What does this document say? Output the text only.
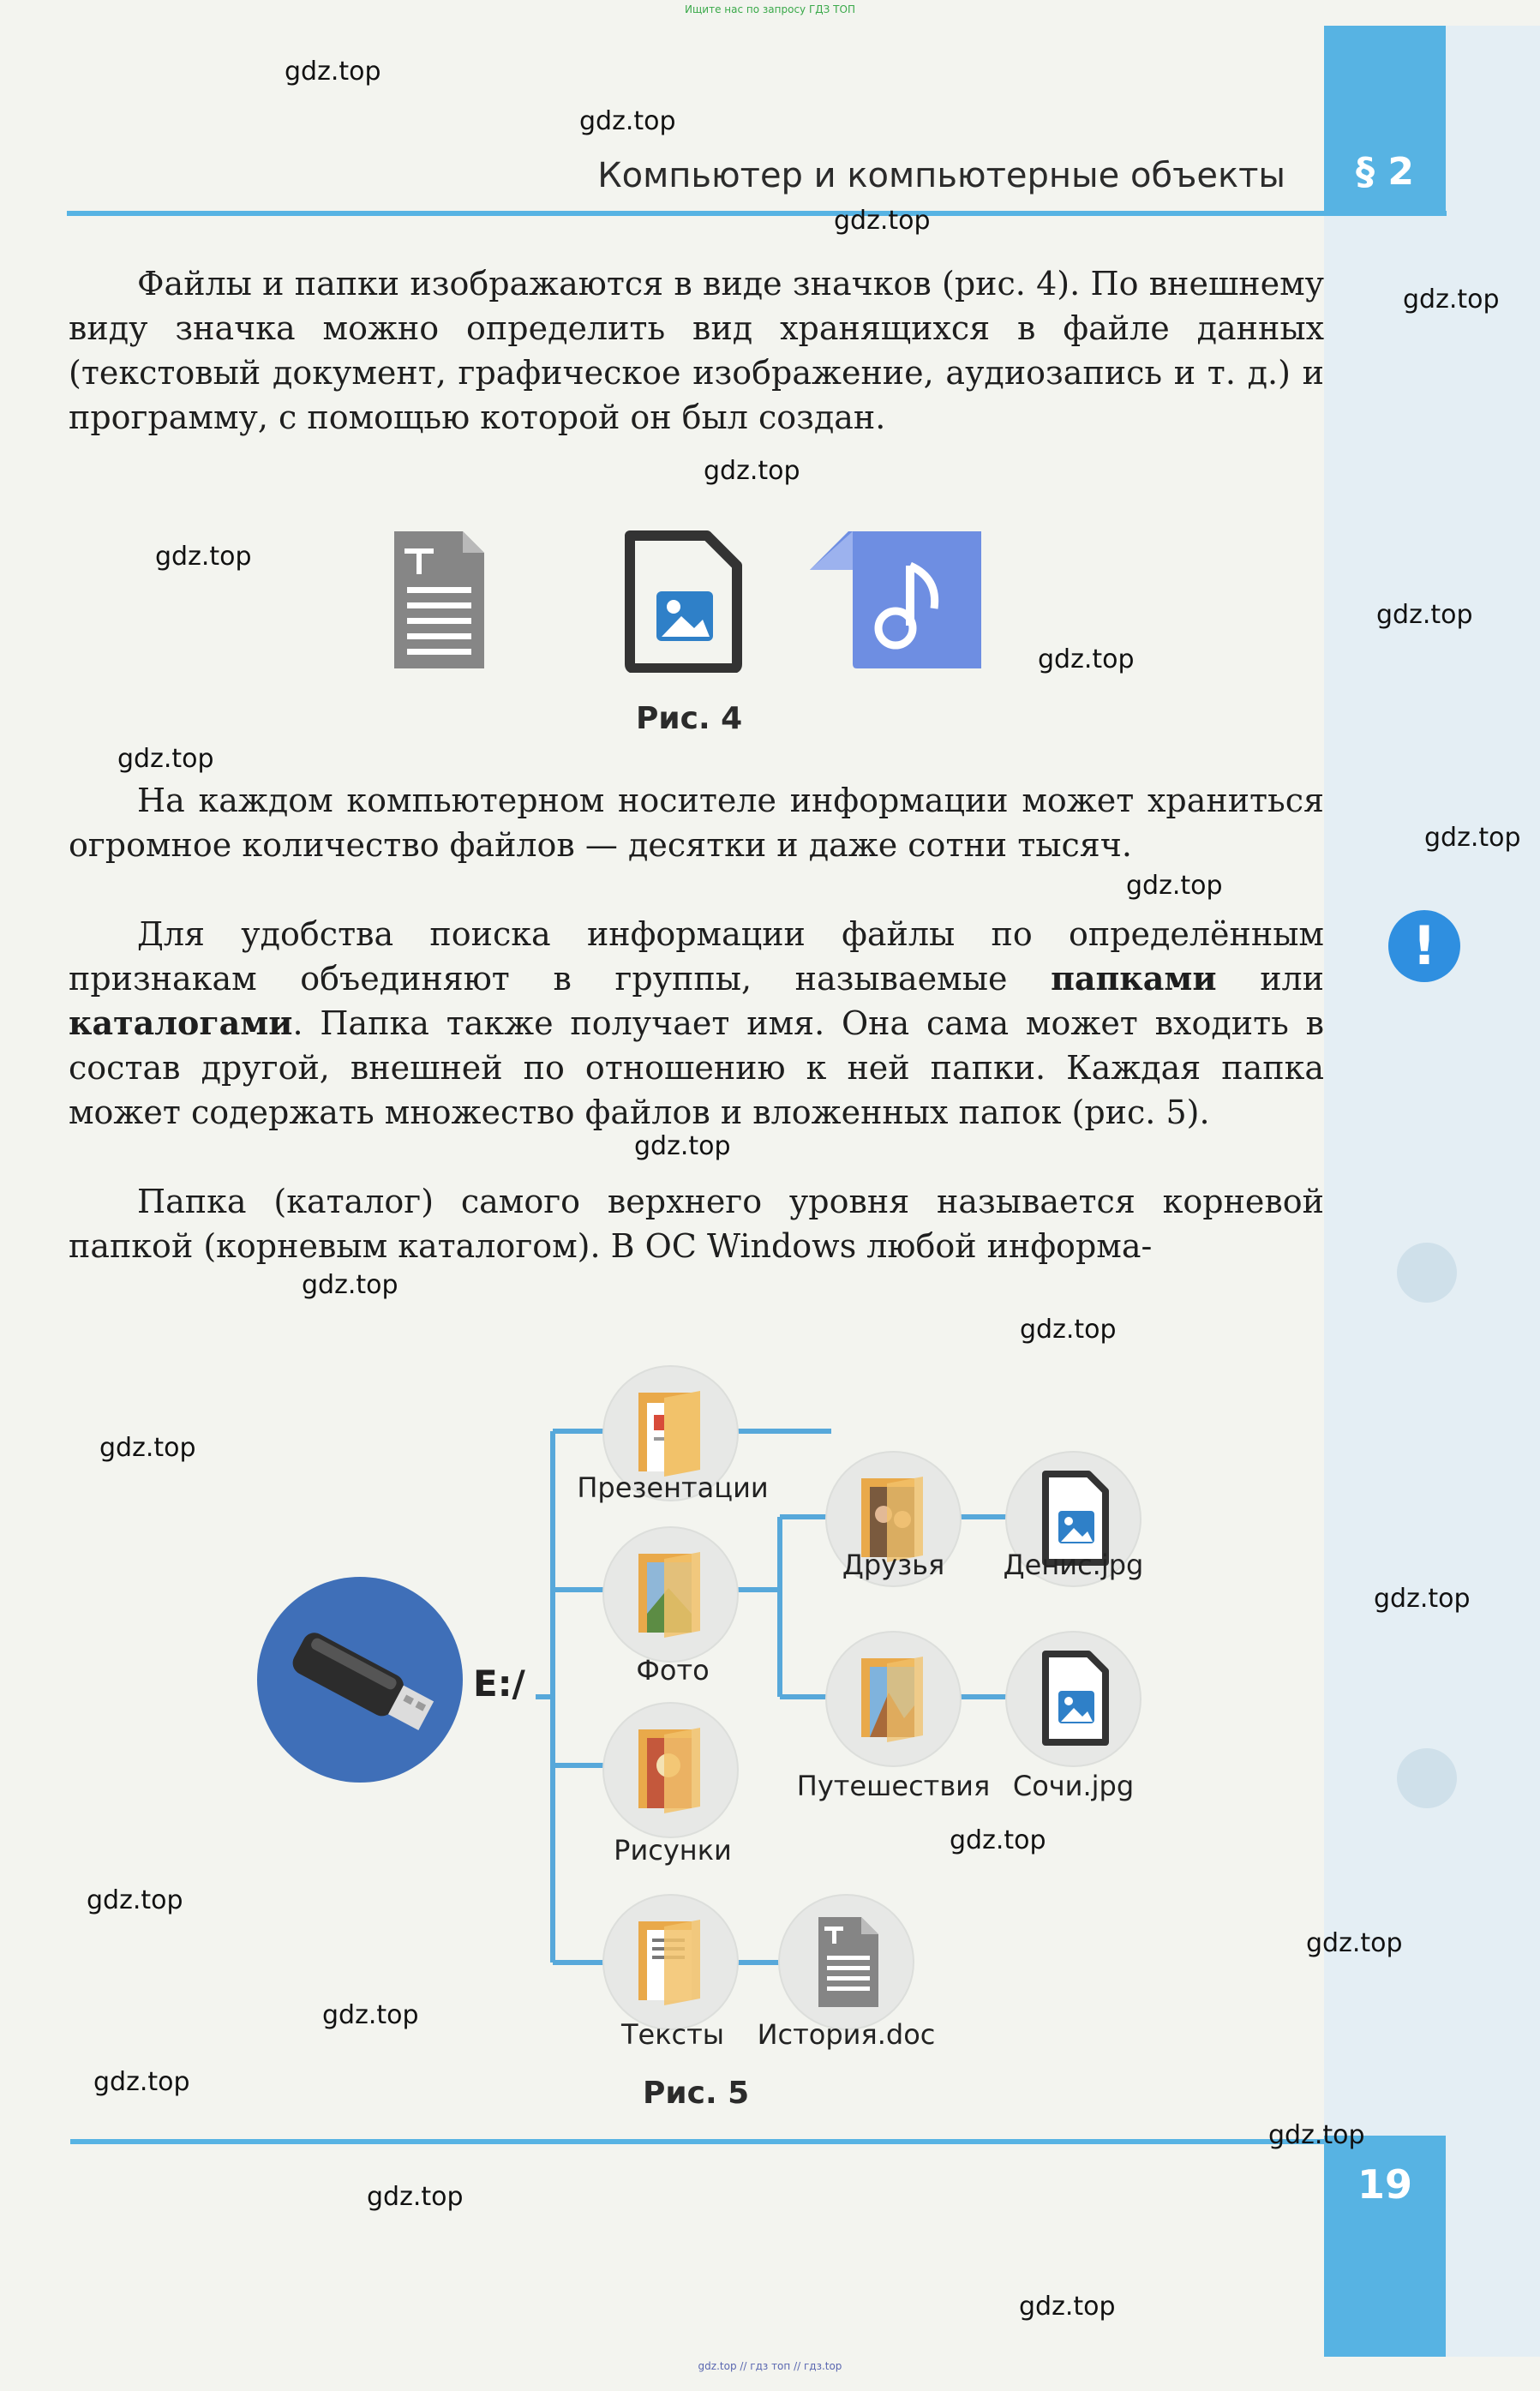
Ищите нас по запросу ГДЗ ТОП
gdz.top // гдз топ // гдз.top
§ 2
Компьютер и компьютерные объекты
Файлы и папки изображаются в виде значков (рис. 4). По внешнему виду значка можно определить вид хранящихся в файле данных (текстовый документ, графическое изображение, аудиозапись и т. д.) и программу, с помощью которой он был создан.
Рис. 4
На каждом компьютерном носителе информации может храниться огромное количество файлов — десятки и даже сотни тысяч.
Для удобства поиска информации файлы по определённым признакам объединяют в группы, называемые папками или каталогами. Папка также получает имя. Она сама может входить в состав другой, внешней по отношению к ней папки. Каждая папка может содержать множество файлов и вложенных папок (рис. 5).
Папка (каталог) самого верхнего уровня называется корневой папкой (корневым каталогом). В ОС Windows любой информа-
!
E:/
Презентации
Фото
Рисунки
Тексты
Друзья
Путешествия
Денис.jpg
Сочи.jpg
История.doc
Рис. 5
19
gdz.top
gdz.top
gdz.top
gdz.top
gdz.top
gdz.top
gdz.top
gdz.top
gdz.top
gdz.top
gdz.top
gdz.top
gdz.top
gdz.top
gdz.top
gdz.top
gdz.top
gdz.top
gdz.top
gdz.top
gdz.top
gdz.top
gdz.top
gdz.top
